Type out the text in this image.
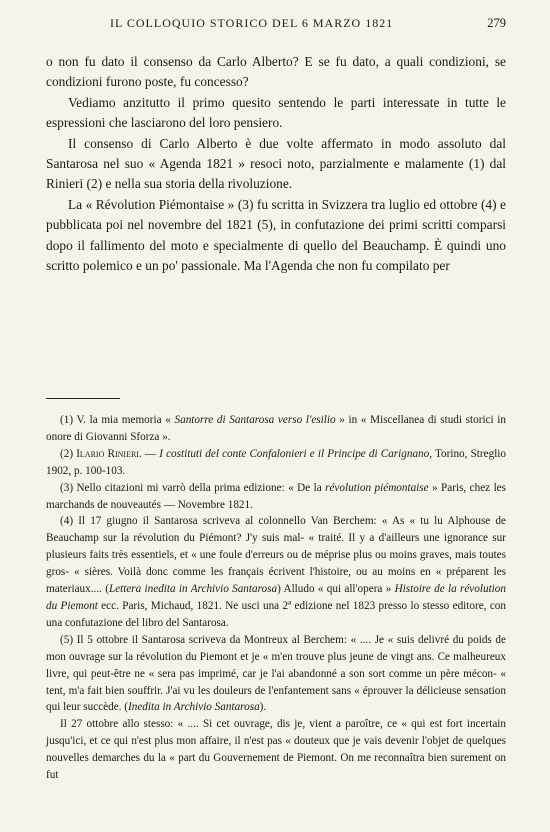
IL COLLOQUIO STORICO DEL 6 MARZO 1821	279

o non fu dato il consenso da Carlo Alberto? E se fu dato, a quali condizioni, se condizioni furono poste, fu concesso?

Vediamo anzitutto il primo quesito sentendo le parti interessate in tutte le espressioni che lasciarono del loro pensiero.

Il consenso di Carlo Alberto è due volte affermato in modo assoluto dal Santarosa nel suo « Agenda 1821 » resoci noto, parzialmente e malamente (1) dal Rinieri (2) e nella sua storia della rivoluzione.

La « Révolution Piémontaise » (3) fu scritta in Svizzera tra luglio ed ottobre (4) e pubblicata poi nel novembre del 1821 (5), in confutazione dei primi scritti comparsi dopo il fallimento del moto e specialmente di quello del Beauchamp. È quindi uno scritto polemico e un po' passionale. Ma l'Agenda che non fu compilato per

(1) V. la mia memoria « Santorre di Santarosa verso l'esilio » in « Miscellanea di studi storici in onore di Giovanni Sforza ».

(2) Ilario Rinieri. — I costituti del conte Confalonieri e il Principe di Carignano, Torino, Streglio 1902, p. 100-103.

(3) Nello citazioni mi varrò della prima edizione: « De la révolution piémontaise » Paris, chez les marchands de nouveautés — Novembre 1821.

(4) Il 17 giugno il Santarosa scriveva al colonnello Van Berchem: « As « tu lu Alphouse de Beauchamp sur la révolution du Piémont? J'y suis mal- « traité. Il y a d'ailleurs une ignorance sur plusieurs faits très essentiels, et « une foule d'erreurs ou de méprise plus ou moins graves, mais toutes gros- « sières. Voilà donc comme les français écrivent l'histoire, ou au moins en « préparent les materiaux.... (Lettera inedita in Archivio Santarosa) Alludo « qui all'opera » Histoire de la révolution du Piemont ecc. Paris, Michaud, 1821. Ne usci una 2ª edizione nel 1823 presso lo stesso editore, con una confutazione del libro del Santarosa.

(5) Il 5 ottobre il Santarosa scriveva da Montreux al Berchem: « .... Je « suis delivré du poids de mon ouvrage sur la révolution du Piemont et je « m'en trouve plus jeune de vingt ans. Ce malheureux livre, qui peut-être ne « sera pas imprimé, car je l'ai abandonné a son sort comme un père mécon- « tent, m'a fait bien souffrir. J'ai vu les douleurs de l'enfantement sans « éprouver la délicieuse sensation qui leur succède. (Inedita in Archivio Santarosa).

Il 27 ottobre allo stesso: « .... Si cet ouvrage, dis je, vient a paroître, ce « qui est fort incertain jusqu'ici, et ce qui n'est plus mon affaire, il n'est pas « douteux que je vais devenir l'objet de quelques nouvelles demarches du la « part du Gouvernement de Piemont. On me reconnaîtra bien surement on fut
